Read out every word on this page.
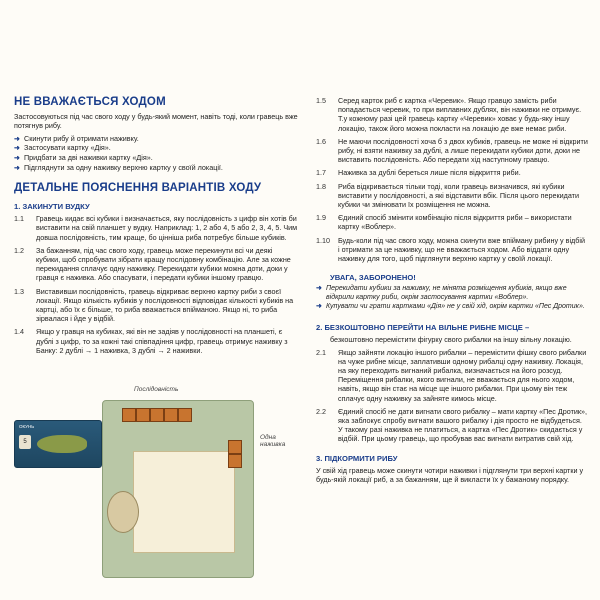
НЕ ВВАЖАЄТЬСЯ ХОДОМ
Застосовуються під час свого ходу у будь-який момент, навіть тоді, коли гравець вже потягнув рибу.
➜ Скинути рибу й отримати наживку.
➜ Застосувати картку «Дія».
➜ Придбати за дві наживки картку «Дія».
➜ Підгляднути за одну наживку верхню картку у своїй локації.
ДЕТАЛЬНЕ ПОЯСНЕННЯ ВАРІАНТІВ ХОДУ
1. ЗАКИНУТИ ВУДКУ
1.1	Гравець кидає всі кубики і визначається, яку послідовність з цифр він хотів би виставити на свій планшет у вудку. Наприклад: 1, 2 або 4, 5 або 2, 3, 4, 5. Чим довша послідовність, тим краще, бо цінніша риба потребує більше кубиків.
1.2	За бажанням, під час свого ходу, гравець може перекинути всі чи деякі кубики, щоб спробувати зібрати кращу послідовну комбінацію. Але за кожне перекидання сплачує одну наживку. Перекидати кубики можна доти, доки у гравця є наживка. Або спасувати, і передати кубики іншому гравцю.
1.3	Виставивши послідовність, гравець відкриває верхню картку риби з своєї локації. Якщо кількість кубиків у послідовності відповідає кількості кубиків на картці, або їх є більше, то риба вважається впійманою. Якщо ні, то риба зірвалася і йде у відбій.
1.4	Якщо у гравця на кубиках, які він не задіяв у послідовності на планшеті, є дублі з цифр, то за кожні такі співпадіння цифр, гравець отримує наживку з Банку: 2 дублі → 1 наживка, 3 дублі → 2 наживки.
ОКУНЬ
5
Послідовність
Одна наживка
1.5	Серед карток риб є картка «Черевик». Якщо гравцю замість риби попадається черевик, то при виплавних дублях, він наживки не отримує. Т.у кожному разі цей гравець картку «Черевик» ховає у будь-яку іншу локацію, також його можна покласти на локацію де вже немає риби.
1.6	Не маючи послідовності хоча б з двох кубиків, гравець не може ні відкрити рибу, ні взяти наживку за дублі, а лише перекидати кубики доти, доки не виставить послідовність. Або передати хід наступному гравцю.
1.7	Наживка за дублі береться лише після відкриття риби.
1.8	Риба відкривається тільки тоді, коли гравець визначився, які кубики виставити у послідовності, а які відставити вбік. Після цього перекидати кубики чи змінювати їх розміщення не можна.
1.9	Єдиний спосіб змінити комбінацію після відкриття риби – використати картку «Воблер».
1.10	Будь-коли під час свого ходу, можна скинути вже впійману рибину у відбій і отримати за це наживку, що не вважається ходом. Або віддати одну наживку для того, щоб підглянути верхню картку у своїй локації.
УВАГА, ЗАБОРОНЕНО!
➜ Перекидати кубики за наживку, не мінята розміщення кубиків, якщо вже відкрили картку риби, окрім застосування картки «Воблер».
➜ Купувати чи грати картками «Дія» не у свій хід, окрім картки «Пес Дротик».
2. БЕЗКОШТОВНО ПЕРЕЙТИ НА ВІЛЬНЕ РИБНЕ МІСЦЕ –
безкоштовно перемістити фігурку свого рибалки на іншу вільну локацію.
2.1	Якщо зайняти локацію іншого рибалки – перемістити фішку свого рибалки на чуже рибне місце, заплативши одному рибалці одну наживку. Локація, на яку переходить вигнаний рибалка, визначається на його розсуд. Переміщення рибалки, якого вигнали, не вважається для нього ходом, навіть, якщо він стає на місце ще іншого рибалки. При цьому він теж сплачує одну наживку за зайняте кимось місце.
2.2	Єдиний спосіб не дати вигнати свого рибалку – мати картку «Пес Дротик», яка заблокує спробу вигнати вашого рибалку і дія просто не відбудеться. У такому разі наживка не платиться, а картка «Пес Дротик» скидається у відбій. При цьому гравець, що пробував вас вигнати витратив свій хід.
3. ПІДКОРМИТИ РИБУ
У свій хід гравець може скинути чотири наживки і підглянути три верхні картки у будь-якій локації риб, а за бажанням, ще й викласти їх у бажаному порядку.
